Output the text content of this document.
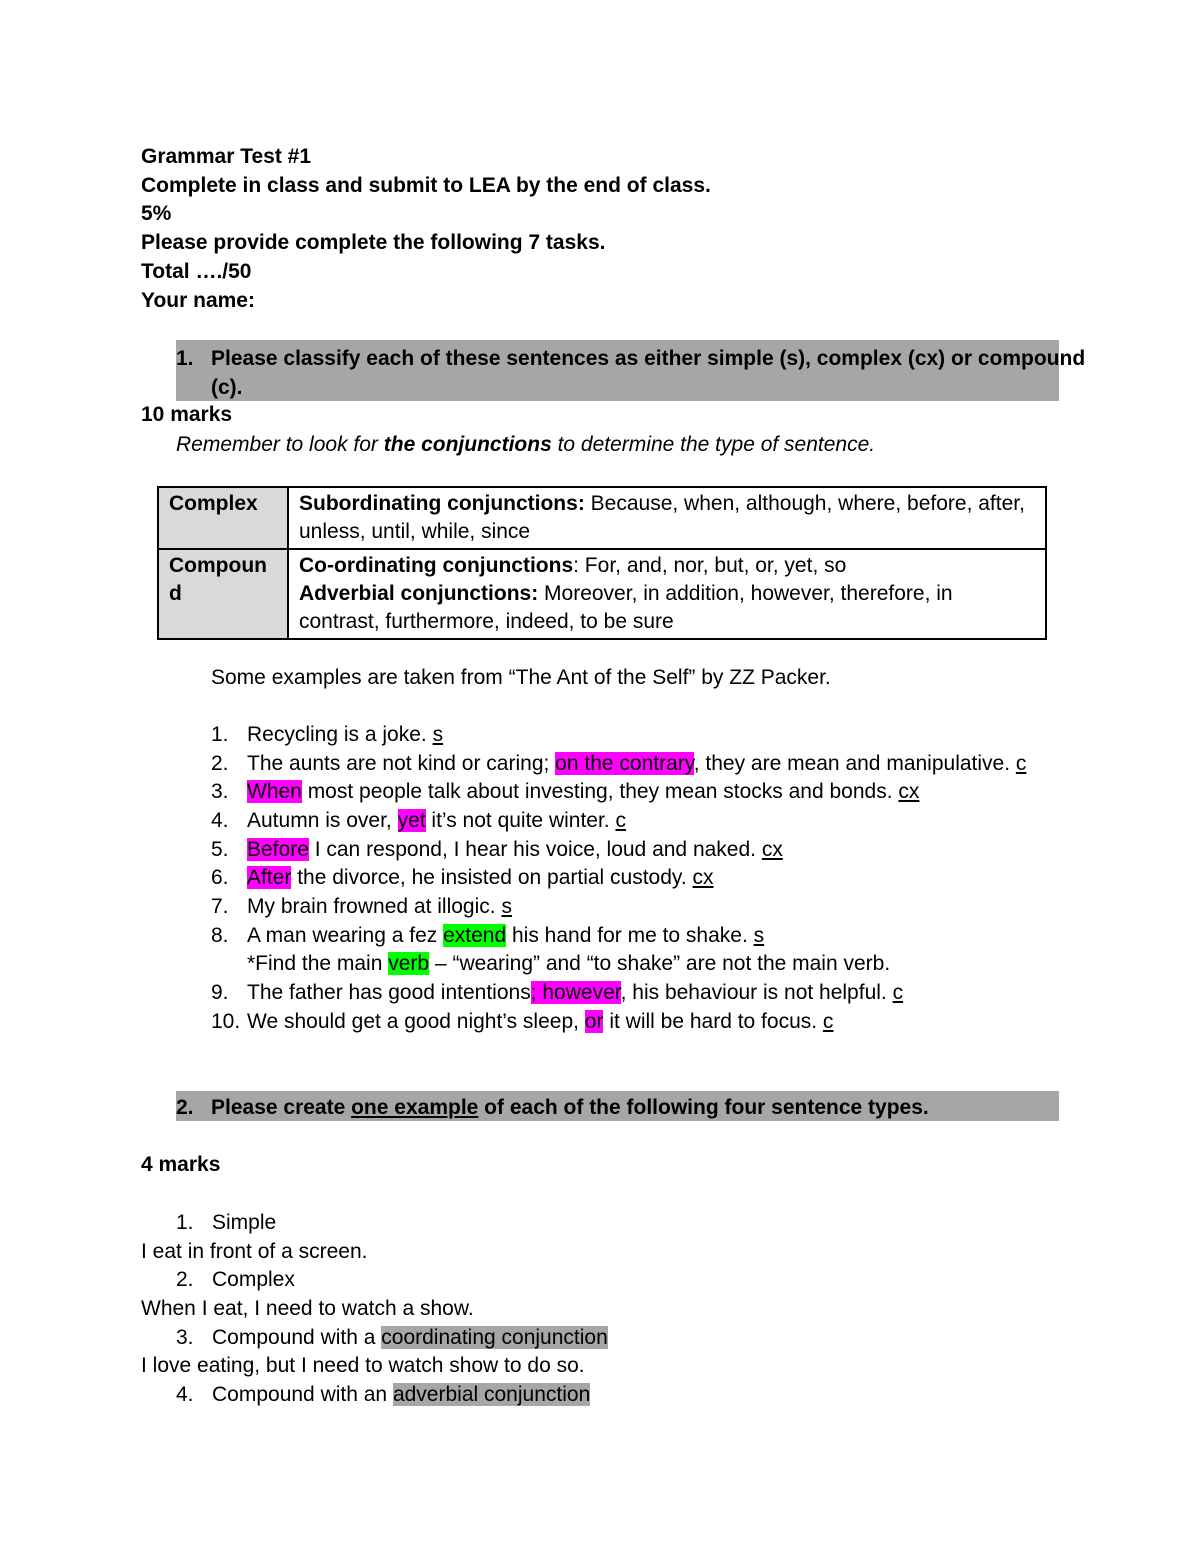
Grammar Test #1
Complete in class and submit to LEA by the end of class.
5%
Please provide complete the following 7 tasks.
Total …./50
Your name:
1. Please classify each of these sentences as either simple (s), complex (cx) or compound
(c).
10 marks
Remember to look for the conjunctions to determine the type of sentence.
Complex	Subordinating conjunctions: Because, when, although, where, before, after,
unless, until, while, since
Compoun
d	Co-ordinating conjunctions: For, and, nor, but, or, yet, so
Adverbial conjunctions: Moreover, in addition, however, therefore, in
contrast, furthermore, indeed, to be sure
Some examples are taken from “The Ant of the Self” by ZZ Packer.
1. Recycling is a joke. s
2. The aunts are not kind or caring; on the contrary, they are mean and manipulative. c
3. When most people talk about investing, they mean stocks and bonds. cx
4. Autumn is over, yet it’s not quite winter. c
5. Before I can respond, I hear his voice, loud and naked. cx
6. After the divorce, he insisted on partial custody. cx
7. My brain frowned at illogic. s
8. A man wearing a fez extend his hand for me to shake. s
*Find the main verb – “wearing” and “to shake” are not the main verb.
9. The father has good intentions; however, his behaviour is not helpful. c
10. We should get a good night’s sleep, or it will be hard to focus. c
2. Please create one example of each of the following four sentence types.
4 marks
1. Simple
I eat in front of a screen.
2. Complex
When I eat, I need to watch a show.
3. Compound with a coordinating conjunction
I love eating, but I need to watch show to do so.
4. Compound with an adverbial conjunction
